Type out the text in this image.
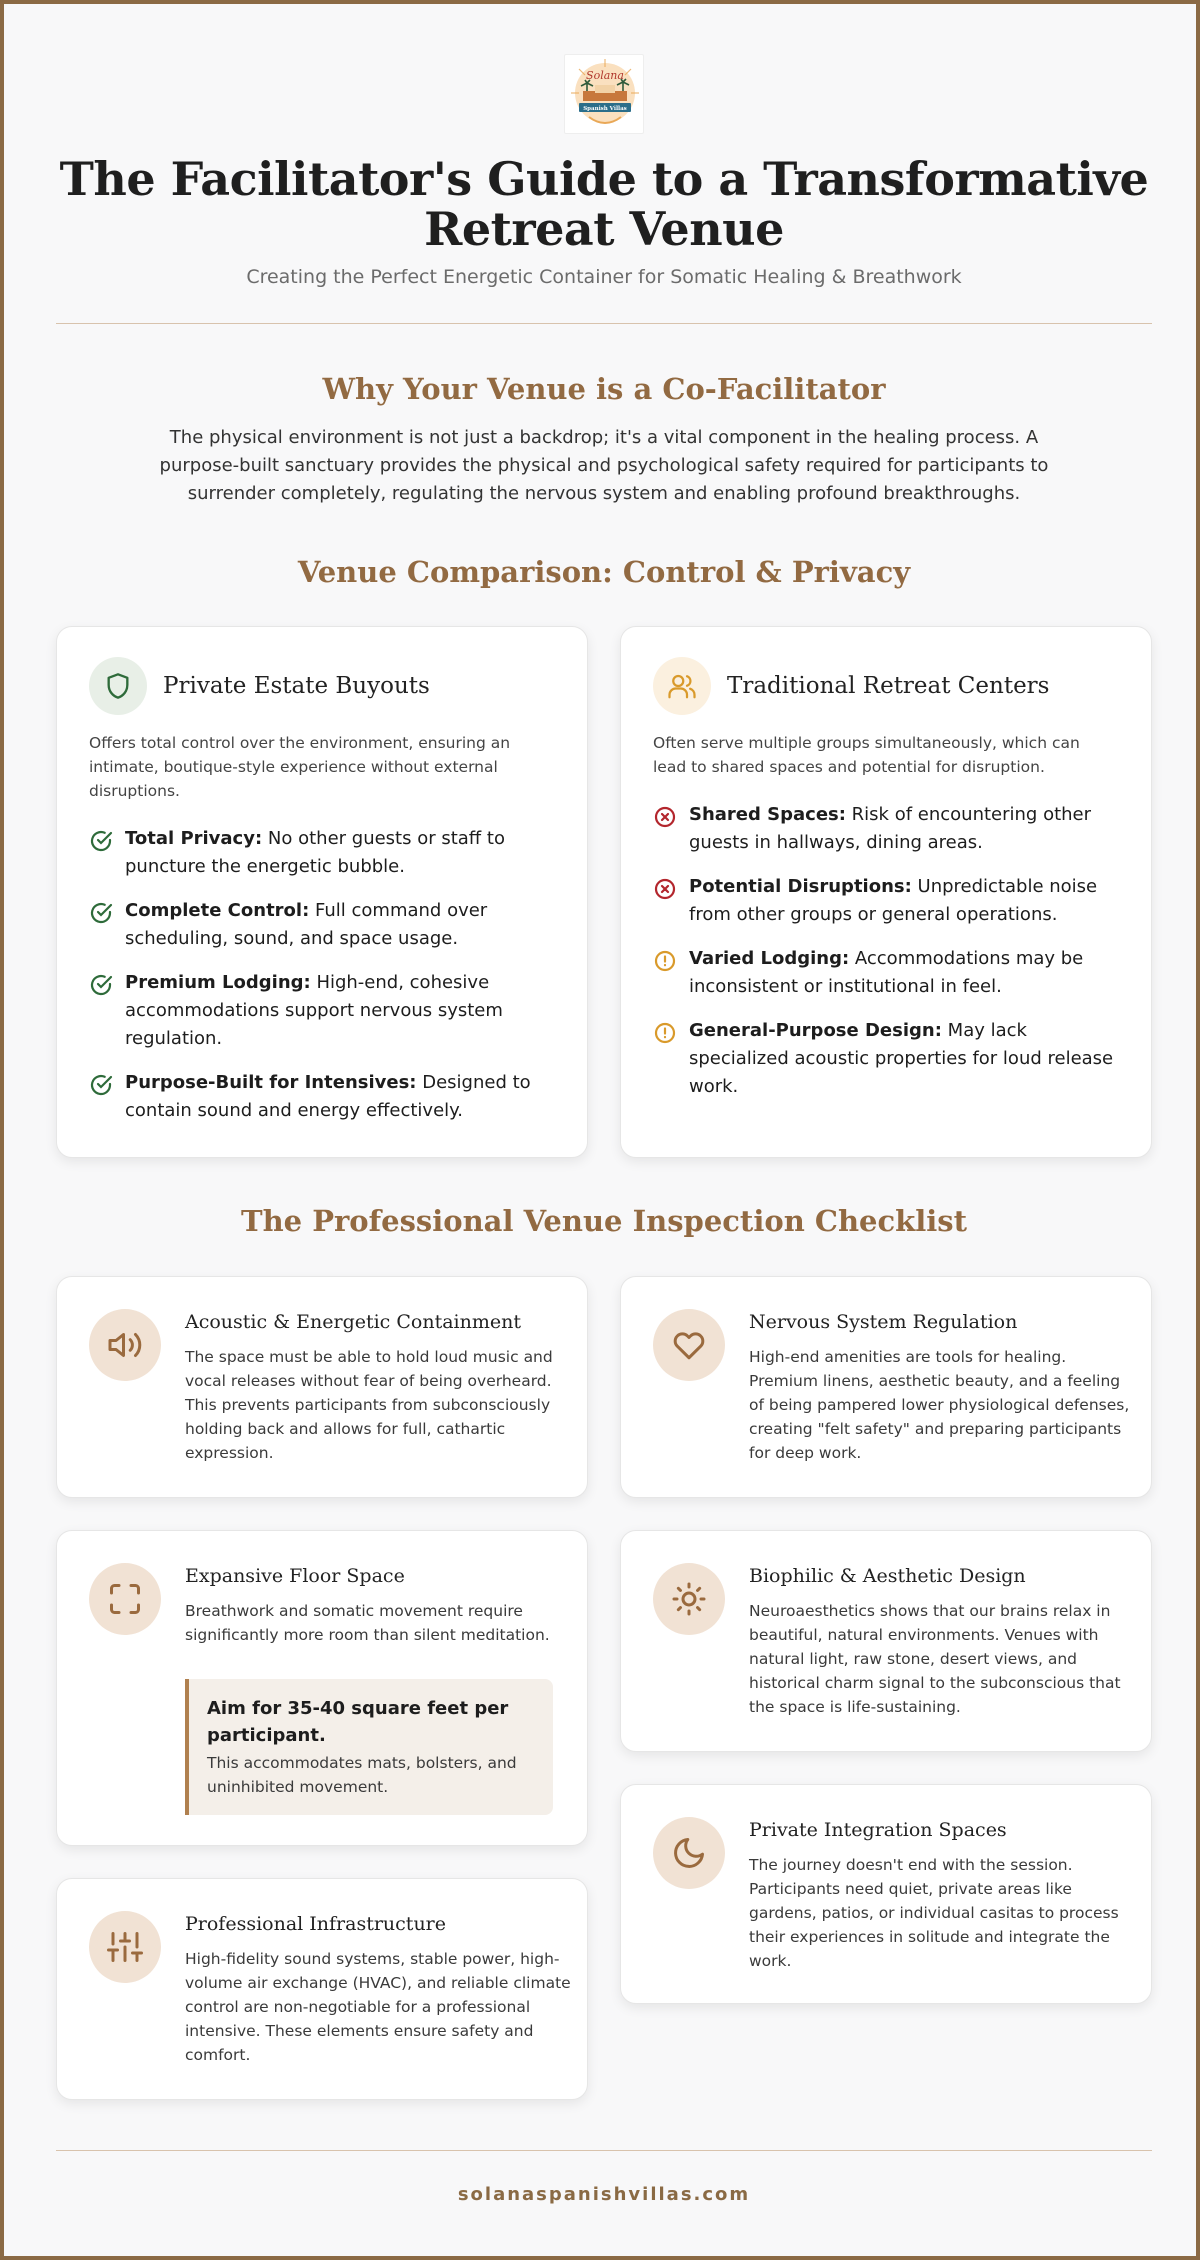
Solana
Spanish Villas
The Facilitator's Guide to a Transformative Retreat Venue
Creating the Perfect Energetic Container for Somatic Healing & Breathwork
Why Your Venue is a Co-Facilitator

The physical environment is not just a backdrop; it's a vital component in the healing process. A purpose-built sanctuary provides the physical and psychological safety required for participants to surrender completely, regulating the nervous system and enabling profound breakthroughs.

Venue Comparison: Control & Privacy
Private Estate Buyouts

Offers total control over the environment, ensuring an intimate, boutique-style experience without external disruptions.

Total Privacy: No other guests or staff to puncture the energetic bubble.
Complete Control: Full command over scheduling, sound, and space usage.
Premium Lodging: High-end, cohesive accommodations support nervous system regulation.
Purpose-Built for Intensives: Designed to contain sound and energy effectively.
Traditional Retreat Centers

Often serve multiple groups simultaneously, which can lead to shared spaces and potential for disruption.

Shared Spaces: Risk of encountering other guests in hallways, dining areas.
Potential Disruptions: Unpredictable noise from other groups or general operations.
Varied Lodging: Accommodations may be inconsistent or institutional in feel.
General-Purpose Design: May lack specialized acoustic properties for loud release work.
The Professional Venue Inspection Checklist
Acoustic & Energetic Containment

The space must be able to hold loud music and vocal releases without fear of being overheard. This prevents participants from subconsciously holding back and allows for full, cathartic expression.

Expansive Floor Space

Breathwork and somatic movement require significantly more room than silent meditation.

Aim for 35-40 square feet per participant.
This accommodates mats, bolsters, and uninhibited movement.
Professional Infrastructure

High-fidelity sound systems, stable power, high-volume air exchange (HVAC), and reliable climate control are non-negotiable for a professional intensive. These elements ensure safety and comfort.

Nervous System Regulation

High-end amenities are tools for healing. Premium linens, aesthetic beauty, and a feeling of being pampered lower physiological defenses, creating "felt safety" and preparing participants for deep work.

Biophilic & Aesthetic Design

Neuroaesthetics shows that our brains relax in beautiful, natural environments. Venues with natural light, raw stone, desert views, and historical charm signal to the subconscious that the space is life-sustaining.

Private Integration Spaces

The journey doesn't end with the session. Participants need quiet, private areas like gardens, patios, or individual casitas to process their experiences in solitude and integrate the work.

solanaspanishvillas.com
